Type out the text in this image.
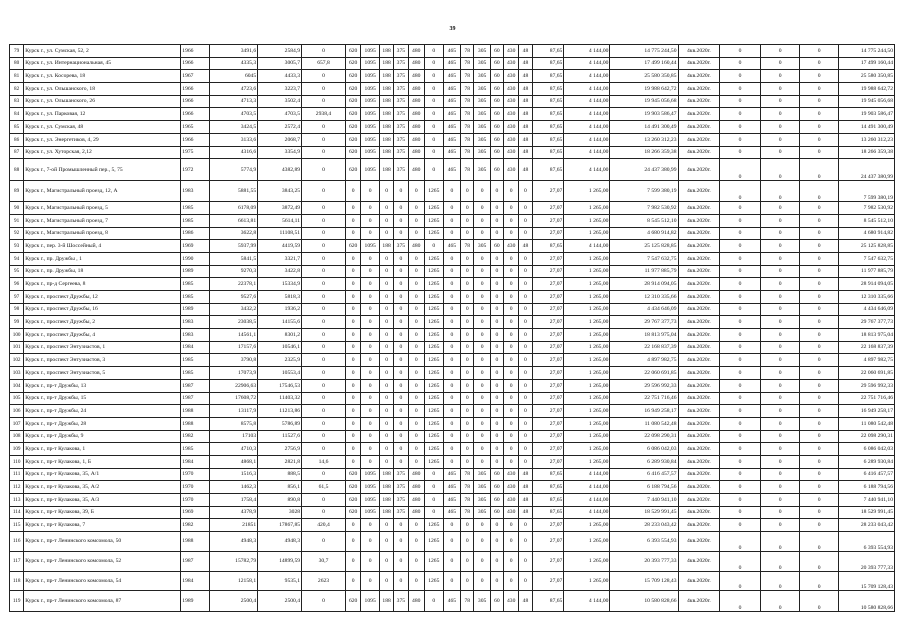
39
79	Курск г., ул. Сумская, 52, 2	1966	3491,6	2584,9	0	620	1095	188	375	480	0	465	78	305	60	430	48	87,65	4 144,00	14 775 244,50	4кв.2020г.	0	0	0	14 775 244,50
80	Курск г., ул. Интернациональная, 45	1966	4335,3	3005,7	657,8	620	1095	188	375	480	0	465	78	305	60	430	48	87,65	4 144,00	17 499 160,44	4кв.2020г.	0	0	0	17 499 160,44
81	Курск г., ул. Косорева, 18	1967	6045	4433,3	0	620	1095	188	375	480	0	465	78	305	60	430	48	87,65	4 144,00	25 580 350,85	4кв.2020г.	0	0	0	25 580 350,85
82	Курск г., ул. Ольшанского, 18	1966	4723,6	3223,7	0	620	1095	188	375	480	0	465	78	305	60	430	48	87,65	4 144,00	19 988 642,72	4кв.2020г.	0	0	0	19 988 642,72
83	Курск г., ул. Ольшанского, 26	1966	4713,3	3502,4	0	620	1095	188	375	480	0	465	78	305	60	430	48	87,65	4 144,00	19 945 056,68	4кв.2020г.	0	0	0	19 945 056,68
84	Курск г., ул. Парковая, 12	1966	4703,5	4703,5	2938,4	620	1095	188	375	480	0	465	78	305	60	430	48	87,65	4 144,00	19 903 586,47	4кв.2020г.	0	0	0	19 903 586,47
85	Курск г., ул. Сумская, 48	1965	3424,5	2572,4	0	620	1095	188	375	480	0	465	78	305	60	430	48	87,65	4 144,00	14 491 300,49	4кв.2020г.	0	0	0	14 491 300,49
86	Курск г., ул. Энергетиков, 4, 29	1966	3133,6	2068,7	0	620	1095	188	375	480	0	465	78	305	60	430	48	87,65	4 144,00	13 260 312,23	4кв.2020г.	0	0	0	13 260 312,23
87	Курск г., ул. Хуторская, 2,12	1975	4316,6	3354,9	0	620	1095	188	375	480	0	465	78	305	60	430	48	87,65	4 144,00	18 266 359,38	4кв.2020г.	0	0	0	18 266 359,38
88	Курск г., 7-ой Промышленный пер., 5, 75	1972	5774,9	4382,89	0	620	1095	188	375	480	0	465	78	305	60	430	48	87,65	4 144,00	24 437 380,99	4кв.2020г.	0	0	0	24 437 380,99
89	Курск г., Магистральный проезд, 12, А	1983	5881,55	3843,25	0	0	0	0	0	0	1265	0	0	0	0	0	0	27,07	1 265,00	7 599 380,19	4кв.2020г.	0	0	0	7 599 380,19
90	Курск г., Магистральный проезд, 5	1985	6178,09	3872,49	0	0	0	0	0	0	1265	0	0	0	0	0	0	27,07	1 265,00	7 982 530,92	4кв.2020г.	0	0	0	7 982 530,92
91	Курск г., Магистральный проезд, 7	1985	6613,81	5614,11	0	0	0	0	0	0	1265	0	0	0	0	0	0	27,07	1 265,00	8 545 512,10	4кв.2020г.	0	0	0	8 545 512,10
92	Курск г., Магистральный проезд, 8	1986	3622,8	11108,51	0	0	0	0	0	0	1265	0	0	0	0	0	0	27,07	1 265,00	4 680 914,82	4кв.2020г.	0	0	0	4 680 914,82
93	Курск г., пер. 3-й Шоссейный, 4	1969	5937,99	4419,59	0	620	1095	188	375	480	0	465	78	305	60	430	48	87,65	4 144,00	25 125 828,85	4кв.2020г.	0	0	0	25 125 828,85
94	Курск г., пр. Дружбы , 1	1990	5841,5	3321,7	0	0	0	0	0	0	1265	0	0	0	0	0	0	27,07	1 265,00	7 547 632,75	4кв.2020г.	0	0	0	7 547 632,75
95	Курск г., пр. Дружбы, 18	1989	9270,3	3422,8	0	0	0	0	0	0	1265	0	0	0	0	0	0	27,07	1 265,00	11 977 885,79	4кв.2020г.	0	0	0	11 977 885,79
96	Курск г., пр-д Сергеева, 8	1985	22378,1	15334,9	0	0	0	0	0	0	1265	0	0	0	0	0	0	27,07	1 265,00	28 914 094,05	4кв.2020г.	0	0	0	28 914 094,05
97	Курск г., проспект Дружбы, 12	1985	9527,6	5818,3	0	0	0	0	0	0	1265	0	0	0	0	0	0	27,07	1 265,00	12 310 335,66	4кв.2020г.	0	0	0	12 310 335,66
98	Курск г., проспект Дружбы, 16	1989	3432,2	1936,2	0	0	0	0	0	0	1265	0	0	0	0	0	0	27,07	1 265,00	4 434 646,09	4кв.2020г.	0	0	0	4 434 646,09
99	Курск г., проспект Дружбы, 2	1983	23038,5	14155,6	0	0	0	0	0	0	1265	0	0	0	0	0	0	27,07	1 265,00	29 767 377,73	4кв.2020г.	0	0	0	29 767 377,73
100	Курск г., проспект Дружбы, 4	1983	14561,1	8301,2	0	0	0	0	0	0	1265	0	0	0	0	0	0	27,07	1 265,00	18 813 975,04	4кв.2020г.	0	0	0	18 813 975,04
101	Курск г., проспект Энтузиастов, 1	1984	17157,6	10546,1	0	0	0	0	0	0	1265	0	0	0	0	0	0	27,07	1 265,00	22 168 837,39	4кв.2020г.	0	0	0	22 168 837,39
102	Курск г., проспект Энтузиастов, 3	1985	3790,8	2325,9	0	0	0	0	0	0	1265	0	0	0	0	0	0	27,07	1 265,00	4 897 982,75	4кв.2020г.	0	0	0	4 897 982,75
103	Курск г., проспект Энтузиастов, 5	1985	17073,9	10553,4	0	0	0	0	0	0	1265	0	0	0	0	0	0	27,07	1 265,00	22 060 691,85	4кв.2020г.	0	0	0	22 060 691,85
104	Курск г., пр-т Дружбы, 13	1987	22906,63	17546,53	0	0	0	0	0	0	1265	0	0	0	0	0	0	27,07	1 265,00	29 596 992,33	4кв.2020г.	0	0	0	29 596 992,33
105	Курск г., пр-т Дружбы, 15	1987	17608,72	11403,32	0	0	0	0	0	0	1265	0	0	0	0	0	0	27,07	1 265,00	22 751 716,46	4кв.2020г.	0	0	0	22 751 716,46
106	Курск г., пр-т Дружбы, 24	1988	13117,9	11213,86	0	0	0	0	0	0	1265	0	0	0	0	0	0	27,07	1 265,00	16 949 258,17	4кв.2020г.	0	0	0	16 949 258,17
107	Курск г., пр-т Дружбы, 28	1988	8575,8	5786,89	0	0	0	0	0	0	1265	0	0	0	0	0	0	27,07	1 265,00	11 080 542,48	4кв.2020г.	0	0	0	11 080 542,48
108	Курск г., пр-т Дружбы, 9	1982	17103	11527,6	0	0	0	0	0	0	1265	0	0	0	0	0	0	27,07	1 265,00	22 098 290,31	4кв.2020г.	0	0	0	22 098 290,31
109	Курск г., пр-т Кулакова, 1	1985	4710,3	2756,9	0	0	0	0	0	0	1265	0	0	0	0	0	0	27,07	1 265,00	6 086 042,03	4кв.2020г.	0	0	0	6 086 042,03
110	Курск г., пр-т Кулакова, 1, Б	1984	4868,1	2821,8	14,6	0	0	0	0	0	1265	0	0	0	0	0	0	27,07	1 265,00	6 289 930,84	4кв.2020г.	0	0	0	6 289 930,84
111	Курск г., пр-т Кулакова, 35, А/1	1970	1516,3	888,5	0	620	1095	188	375	480	0	465	78	305	60	430	48	87,65	4 144,00	6 416 457,57	4кв.2020г.	0	0	0	6 416 457,57
112	Курск г., пр-т Кулакова, 35, А/2	1970	1462,3	856,1	61,5	620	1095	188	375	480	0	465	78	305	60	430	48	87,65	4 144,00	6 188 794,56	4кв.2020г.	0	0	0	6 188 794,56
113	Курск г., пр-т Кулакова, 35, А/3	1970	1758,4	890,8	0	620	1095	188	375	480	0	465	78	305	60	430	48	87,65	4 144,00	7 440 941,10	4кв.2020г.	0	0	0	7 440 941,10
114	Курск г., пр-т Кулакова, 39, Б	1969	4378,9	3028	0	620	1095	188	375	480	0	465	78	305	60	430	48	87,65	4 144,00	18 529 991,45	4кв.2020г.	0	0	0	18 529 991,45
115	Курск г., пр-т Кулакова, 7	1982	21851	17867,85	420,4	0	0	0	0	0	1265	0	0	0	0	0	0	27,07	1 265,00	28 233 043,42	4кв.2020г.	0	0	0	28 233 043,42
116	Курск г., пр-т Ленинского комсомола, 50	1988	4948,3	4948,3	0	0	0	0	0	0	1265	0	0	0	0	0	0	27,07	1 265,00	6 393 554,93	4кв.2020г.	0	0	0	6 393 554,93
117	Курск г., пр-т Ленинского комсомола, 52	1987	15782,79	14899,59	30,7	0	0	0	0	0	1265	0	0	0	0	0	0	27,07	1 265,00	20 393 777,33	4кв.2020г.	0	0	0	20 393 777,33
118	Курск г., пр-т Ленинского комсомола, 54	1984	12158,1	9535,1	2623	0	0	0	0	0	1265	0	0	0	0	0	0	27,07	1 265,00	15 709 128,43	4кв.2020г.	0	0	0	15 709 128,43
119	Курск г., пр-т Ленинского комсомола, 87	1989	2500,4	2500,4	0	620	1095	188	375	480	0	465	78	305	60	430	48	87,65	4 144,00	10 580 828,66	4кв.2020г.	0	0	0	10 580 828,66
